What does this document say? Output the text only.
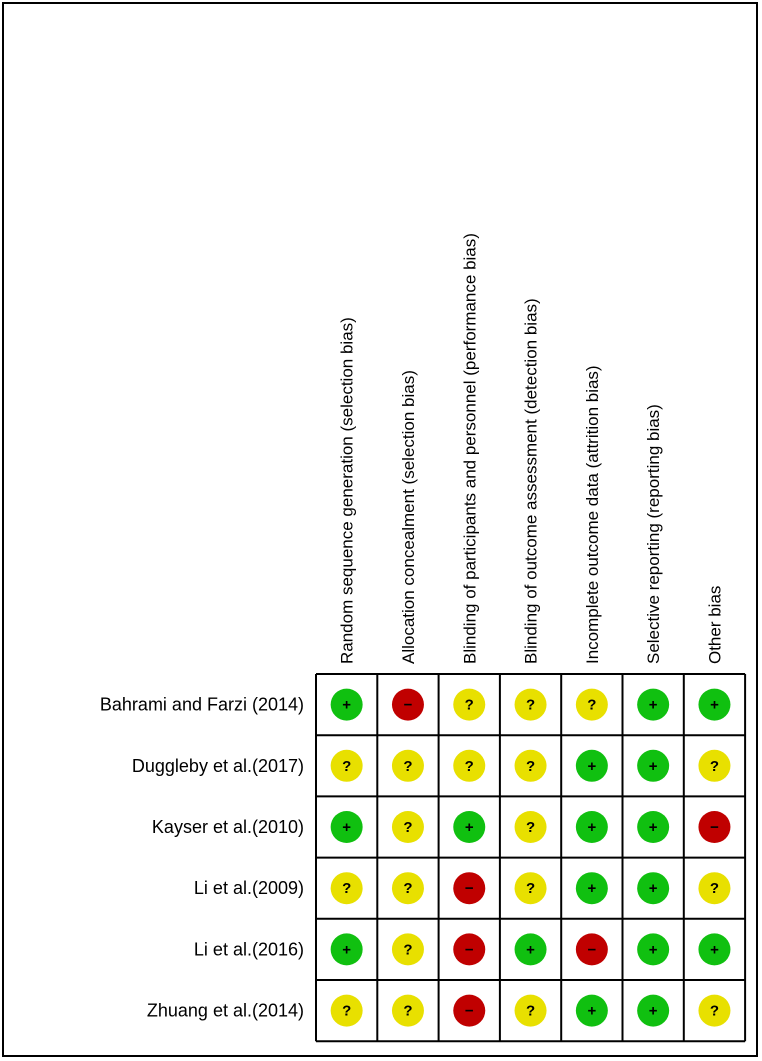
Random sequence generation (selection bias) Allocation concealment (selection bias) Blinding of participants and personnel (performance bias) Blinding of outcome assessment (detection bias) Incomplete outcome data (attrition bias) Selective reporting (reporting bias) Other bias
Bahrami and Farzi (2014)	+	−	?	?	?	+	+
Duggleby et al.(2017)	?	?	?	?	+	+	?
Kayser et al.(2010)	+	?	+	?	+	+	−
Li et al.(2009)	?	?	−	?	+	+	?
Li et al.(2016)	+	?	−	+	−	+	+
Zhuang et al.(2014)	?	?	−	?	+	+	?
